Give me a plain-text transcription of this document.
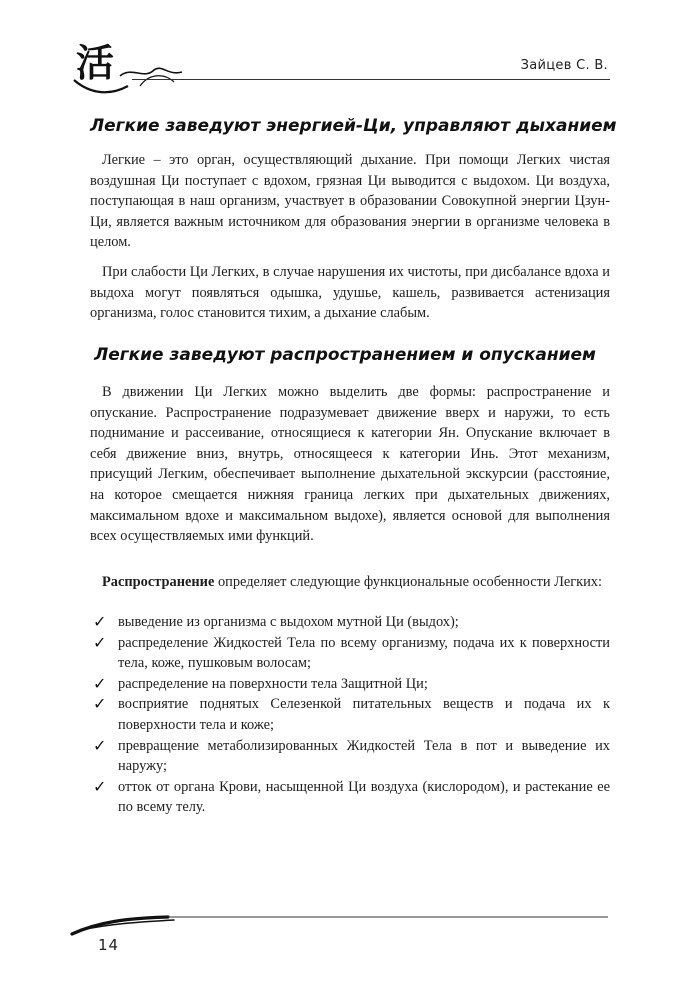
活	Зайцев С. В.
Легкие заведуют энергией-Ци, управляют дыханием

Легкие – это орган, осуществляющий дыхание. При помощи Легких чистая воздушная Ци поступает с вдохом, грязная Ци выводится с выдохом. Ци воздуха, поступающая в наш организм, участвует в образовании Совокупной энергии Цзун-Ци, является важным источником для образования энергии в организме человека в целом.

При слабости Ци Легких, в случае нарушения их чистоты, при дисбалансе вдоха и выдоха могут появляться одышка, удушье, кашель, развивается астенизация организма, голос становится тихим, а дыхание слабым.

Легкие заведуют распространением и опусканием

В движении Ци Легких можно выделить две формы: распространение и опускание. Распространение подразумевает движение вверх и наружи, то есть поднимание и рассеивание, относящиеся к категории Ян. Опускание включает в себя движение вниз, внутрь, относящееся к категории Инь. Этот механизм, присущий Легким, обеспечивает выполнение дыхательной экскурсии (расстояние, на которое смещается нижняя граница легких при дыхательных движениях, максимальном вдохе и максимальном выдохе), является основой для выполнения всех осуществляемых ими функций.

Распространение определяет следующие функциональные особенности Легких:

✓ выведение из организма с выдохом мутной Ци (выдох);
✓ распределение Жидкостей Тела по всему организму, подача их к поверхности тела, коже, пушковым волосам;
✓ распределение на поверхности тела Защитной Ци;
✓ восприятие поднятых Селезенкой питательных веществ и подача их к поверхности тела и коже;
✓ превращение метаболизированных Жидкостей Тела в пот и выведение их наружу;
✓ отток от органа Крови, насыщенной Ци воздуха (кислородом), и растекание ее по всему телу.
14
